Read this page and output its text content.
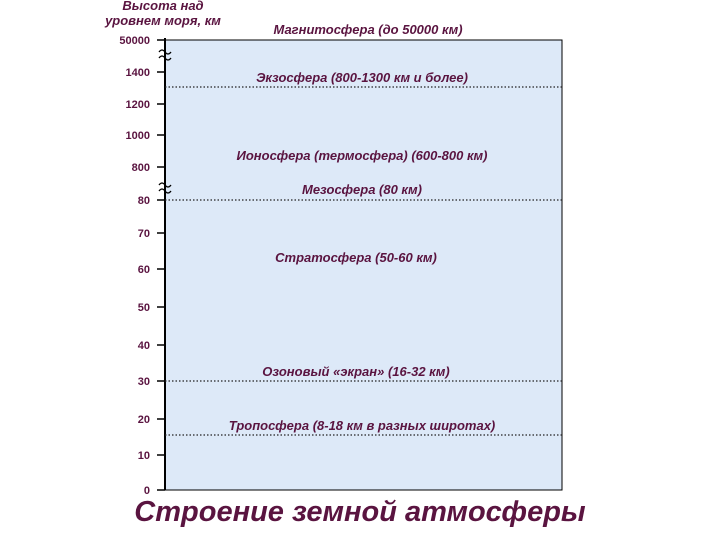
Высота над
уровнем моря, км
50000
1400
1200
1000
800
80
70
60
50
40
30
20
10
0
Магнитосфера (до 50000 км)
Экзосфера (800-1300 км и более)
Ионосфера (термосфера) (600-800 км)
Мезосфера (80 км)
Стратосфера (50-60 км)
Озоновый «экран» (16-32 км)
Тропосфера (8-18 км в разных широтах)
Строение земной атмосферы
